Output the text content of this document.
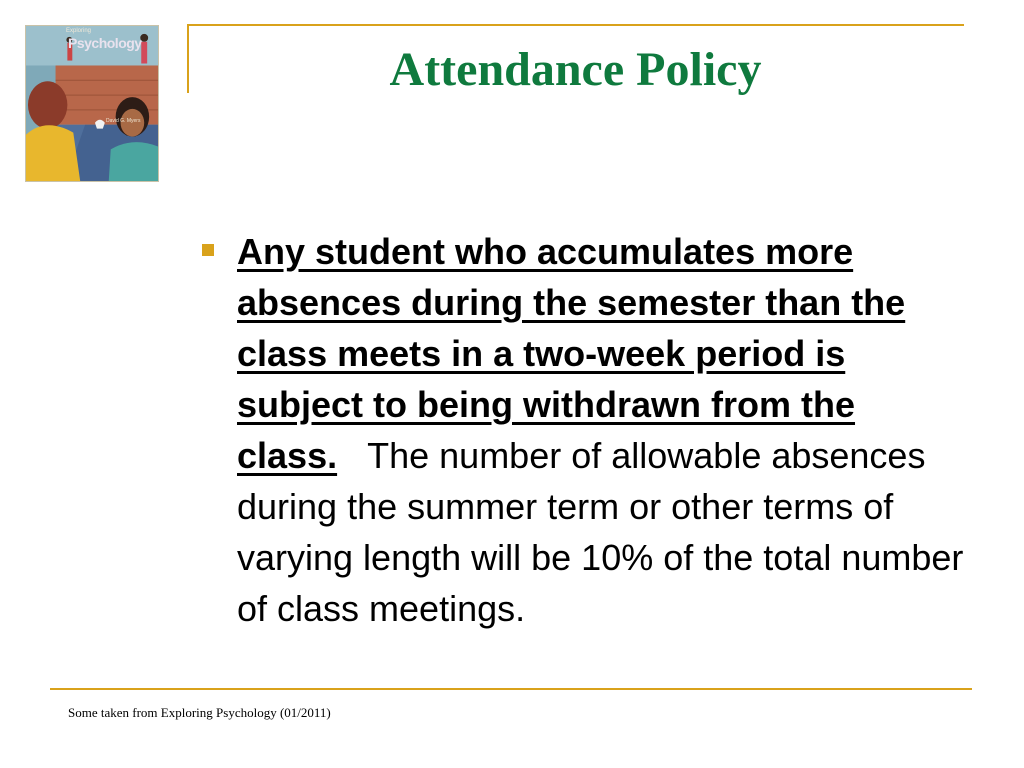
Exploring
Psychology
David G. Myers
Attendance Policy

Any student who accumulates more absences during the semester than the class meets in a two-week period is subject to being withdrawn from the class. The number of allowable absences during the summer term or other terms of varying length will be 10% of the total number of class meetings.

Some taken from Exploring Psychology (01/2011)
